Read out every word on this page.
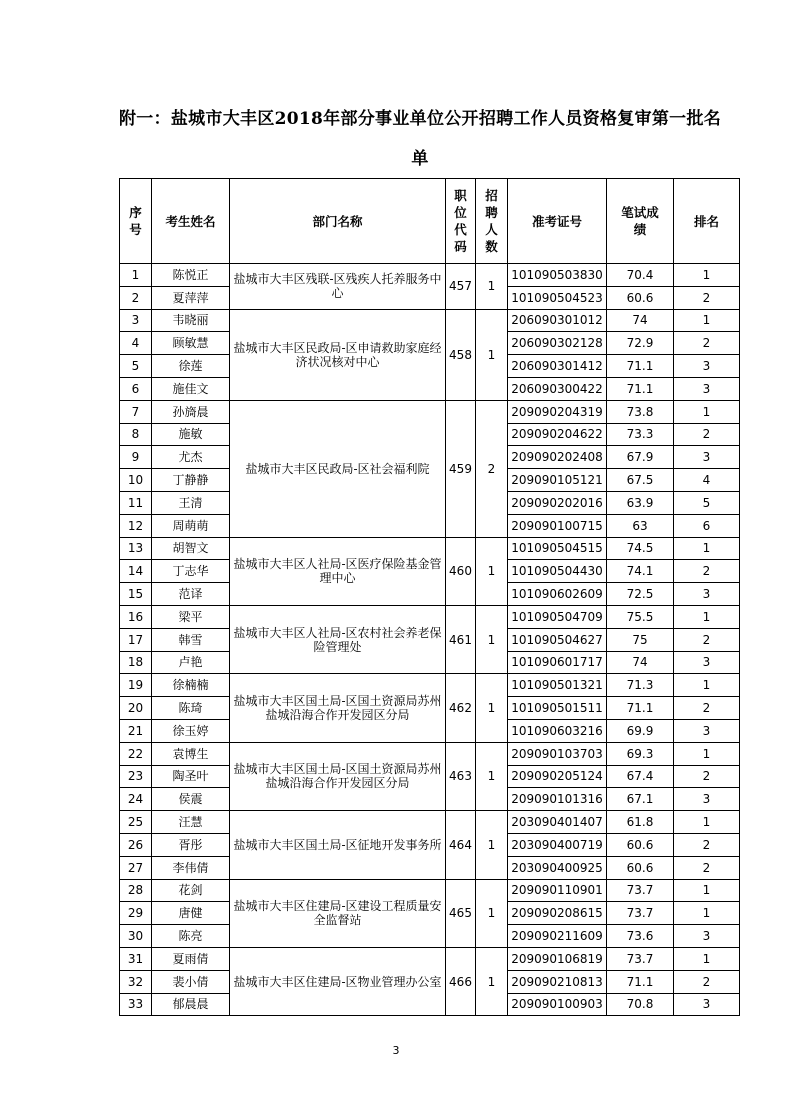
附一：盐城市大丰区2018年部分事业单位公开招聘工作人员资格复审第一批名
单
序号	考生姓名	部门名称	职位代码	招聘人数	准考证号	笔试成绩	排名
1	陈悦正	盐城市大丰区残联-区残疾人托养服务中心	457	1	101090503830	70.4	1
2	夏萍萍				101090504523	60.6	2
3	韦晓丽	盐城市大丰区民政局-区申请救助家庭经济状况核对中心	458	1	206090301012	74	1
4	顾敏慧				206090302128	72.9	2
5	徐莲				206090301412	71.1	3
6	施佳文				206090300422	71.1	3
7	孙旖晨	盐城市大丰区民政局-区社会福利院	459	2	209090204319	73.8	1
8	施敏				209090204622	73.3	2
9	尤杰				209090202408	67.9	3
10	丁静静				209090105121	67.5	4
11	王清				209090202016	63.9	5
12	周萌萌				209090100715	63	6
13	胡智文	盐城市大丰区人社局-区医疗保险基金管理中心	460	1	101090504515	74.5	1
14	丁志华				101090504430	74.1	2
15	范译				101090602609	72.5	3
16	梁平	盐城市大丰区人社局-区农村社会养老保险管理处	461	1	101090504709	75.5	1
17	韩雪				101090504627	75	2
18	卢艳				101090601717	74	3
19	徐楠楠	盐城市大丰区国土局-区国土资源局苏州盐城沿海合作开发园区分局	462	1	101090501321	71.3	1
20	陈琦				101090501511	71.1	2
21	徐玉婷				101090603216	69.9	3
22	袁博生	盐城市大丰区国土局-区国土资源局苏州盐城沿海合作开发园区分局	463	1	209090103703	69.3	1
23	陶圣叶				209090205124	67.4	2
24	侯震				209090101316	67.1	3
25	汪慧	盐城市大丰区国土局-区征地开发事务所	464	1	203090401407	61.8	1
26	胥彤				203090400719	60.6	2
27	李伟倩				203090400925	60.6	2
28	花剑	盐城市大丰区住建局-区建设工程质量安全监督站	465	1	209090110901	73.7	1
29	唐健				209090208615	73.7	1
30	陈亮				209090211609	73.6	3
31	夏雨倩	盐城市大丰区住建局-区物业管理办公室	466	1	209090106819	73.7	1
32	裴小倩				209090210813	71.1	2
33	郁晨晨				209090100903	70.8	3
3
